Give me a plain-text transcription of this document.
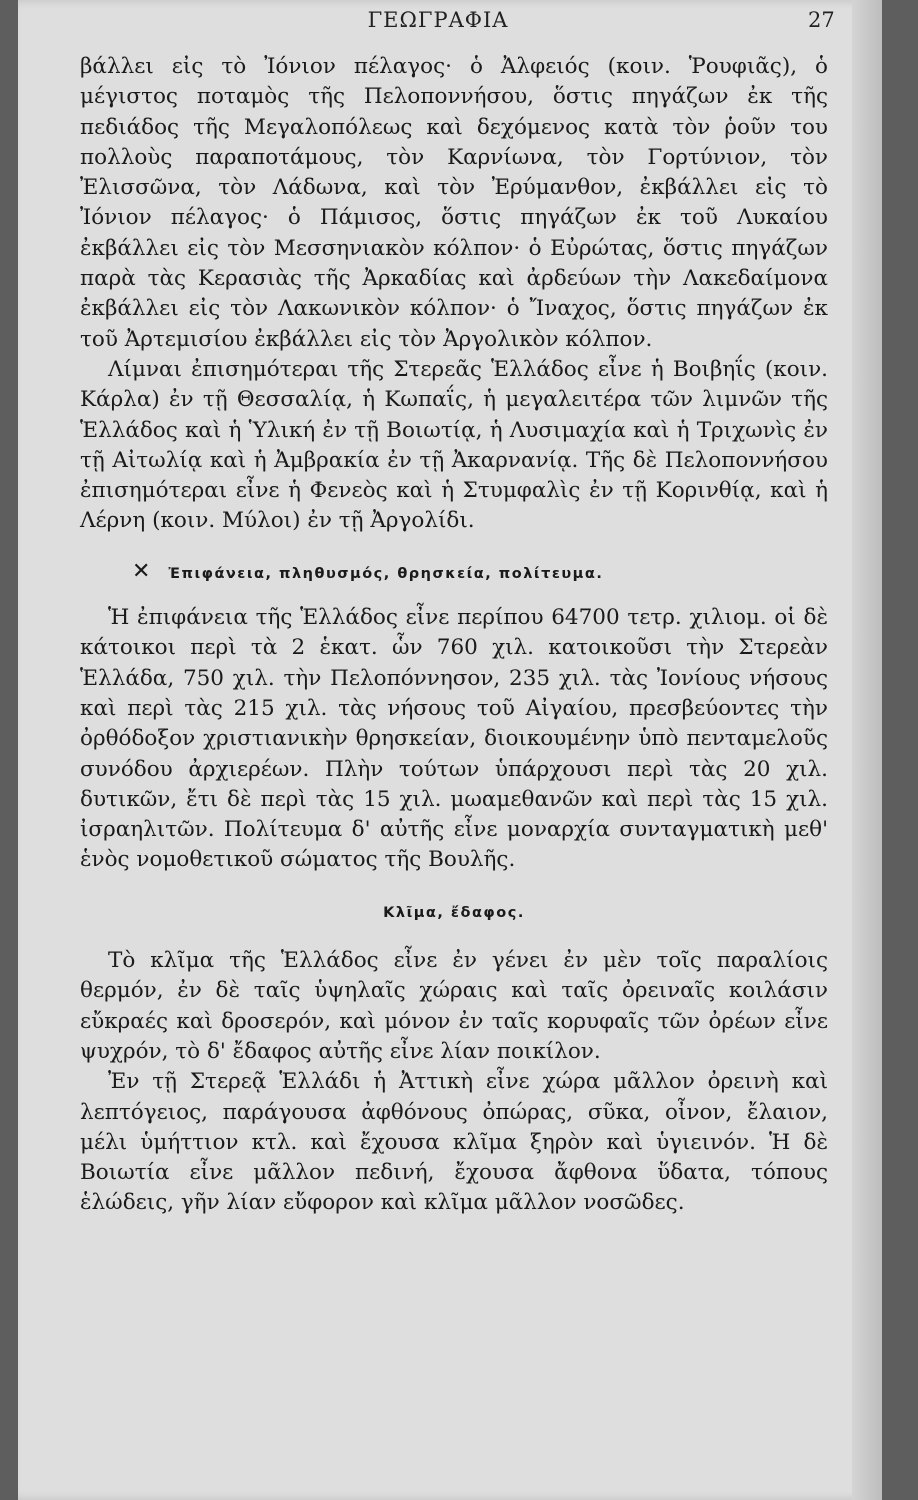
ΓΕΩΓΡΑΦΙΑ	27

βάλλει εἰς τὸ Ἰόνιον πέλαγος· ὁ Ἀλφειός (κοιν. Ῥουφιᾶς), ὁ μέγιστος ποταμὸς τῆς Πελοποννήσου, ὅστις πηγάζων ἐκ τῆς πεδιάδος τῆς Μεγαλοπόλεως καὶ δεχόμενος κατὰ τὸν ῥοῦν του πολλοὺς παραποτάμους, τὸν Καρνίωνα, τὸν Γορτύνιον, τὸν Ἐλισσῶνα, τὸν Λάδωνα, καὶ τὸν Ἐρύμανθον, ἐκβάλλει εἰς τὸ Ἰόνιον πέλαγος· ὁ Πάμισος, ὅστις πηγάζων ἐκ τοῦ Λυκαίου ἐκβάλλει εἰς τὸν Μεσσηνιακὸν κόλπον· ὁ Εὐρώτας, ὅστις πηγάζων παρὰ τὰς Κερασιὰς τῆς Ἀρκαδίας καὶ ἀρδεύων τὴν Λακεδαίμονα ἐκβάλλει εἰς τὸν Λακωνικὸν κόλπον· ὁ Ἴναχος, ὅστις πηγάζων ἐκ τοῦ Ἀρτεμισίου ἐκβάλλει εἰς τὸν Ἀργολικὸν κόλπον.

Λίμναι ἐπισημότεραι τῆς Στερεᾶς Ἑλλάδος εἶνε ἡ Βοιβηΐς (κοιν. Κάρλα) ἐν τῇ Θεσσαλίᾳ, ἡ Κωπαΐς, ἡ μεγαλειτέρα τῶν λιμνῶν τῆς Ἑλλάδος καὶ ἡ Ὑλική ἐν τῇ Βοιωτίᾳ, ἡ Λυσιμαχία καὶ ἡ Τριχωνὶς ἐν τῇ Αἰτωλίᾳ καὶ ἡ Ἀμβρακία ἐν τῇ Ἀκαρνανίᾳ. Τῆς δὲ Πελοποννήσου ἐπισημότεραι εἶνε ἡ Φενεὸς καὶ ἡ Στυμφαλὶς ἐν τῇ Κορινθίᾳ, καὶ ἡ Λέρνη (κοιν. Μύλοι) ἐν τῇ Ἀργολίδι.

✕ Ἐπιφάνεια, πληθυσμός, θρησκεία, πολίτευμα.

Ἡ ἐπιφάνεια τῆς Ἑλλάδος εἶνε περίπου 64700 τετρ. χιλιομ. οἱ δὲ κάτοικοι περὶ τὰ 2 ἑκατ. ὧν 760 χιλ. κατοικοῦσι τὴν Στερεὰν Ἑλλάδα, 750 χιλ. τὴν Πελοπόννησον, 235 χιλ. τὰς Ἰονίους νήσους καὶ περὶ τὰς 215 χιλ. τὰς νήσους τοῦ Αἰγαίου, πρεσβεύοντες τὴν ὀρθόδοξον χριστιανικὴν θρησκείαν, διοικουμένην ὑπὸ πενταμελοῦς συνόδου ἀρχιερέων. Πλὴν τούτων ὑπάρχουσι περὶ τὰς 20 χιλ. δυτικῶν, ἔτι δὲ περὶ τὰς 15 χιλ. μωαμεθανῶν καὶ περὶ τὰς 15 χιλ. ἰσραηλιτῶν. Πολίτευμα δ' αὐτῆς εἶνε μοναρχία συνταγματικὴ μεθ' ἑνὸς νομοθετικοῦ σώματος τῆς Βουλῆς.

Κλῖμα, ἔδαφος.

Τὸ κλῖμα τῆς Ἑλλάδος εἶνε ἐν γένει ἐν μὲν τοῖς παραλίοις θερμόν, ἐν δὲ ταῖς ὑψηλαῖς χώραις καὶ ταῖς ὀρειναῖς κοιλάσιν εὔκραές καὶ δροσερόν, καὶ μόνον ἐν ταῖς κορυφαῖς τῶν ὀρέων εἶνε ψυχρόν, τὸ δ' ἔδαφος αὐτῆς εἶνε λίαν ποικίλον.

Ἐν τῇ Στερεᾷ Ἑλλάδι ἡ Ἀττικὴ εἶνε χώρα μᾶλλον ὀρεινὴ καὶ λεπτόγειος, παράγουσα ἀφθόνους ὀπώρας, σῦκα, οἶνον, ἔλαιον, μέλι ὑμήττιον κτλ. καὶ ἔχουσα κλῖμα ξηρὸν καὶ ὑγιεινόν. Ἡ δὲ Βοιωτία εἶνε μᾶλλον πεδινή, ἔχουσα ἄφθονα ὕδατα, τόπους ἑλώδεις, γῆν λίαν εὔφορον καὶ κλῖμα μᾶλλον νοσῶδες.
